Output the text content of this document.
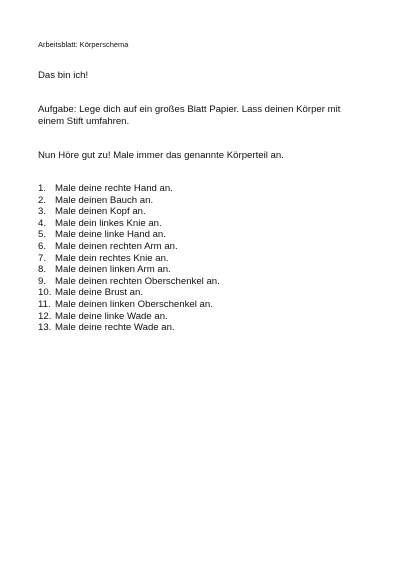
Arbeitsblatt: Körperschema
Das bin ich!

Aufgabe: Lege dich auf ein großes Blatt Papier. Lass deinen Körper mit

einem Stift umfahren.

Nun Höre gut zu! Male immer das genannte Körperteil an.
1. Male deine rechte Hand an.
2. Male deinen Bauch an.
3. Male deinen Kopf an.
4. Male dein linkes Knie an.
5. Male deine linke Hand an.
6. Male deinen rechten Arm an.
7. Male dein rechtes Knie an.
8. Male deinen linken Arm an.
9. Male deinen rechten Oberschenkel an.
10. Male deine Brust an.
11. Male deinen linken Oberschenkel an.
12. Male deine linke Wade an.
13. Male deine rechte Wade an.
